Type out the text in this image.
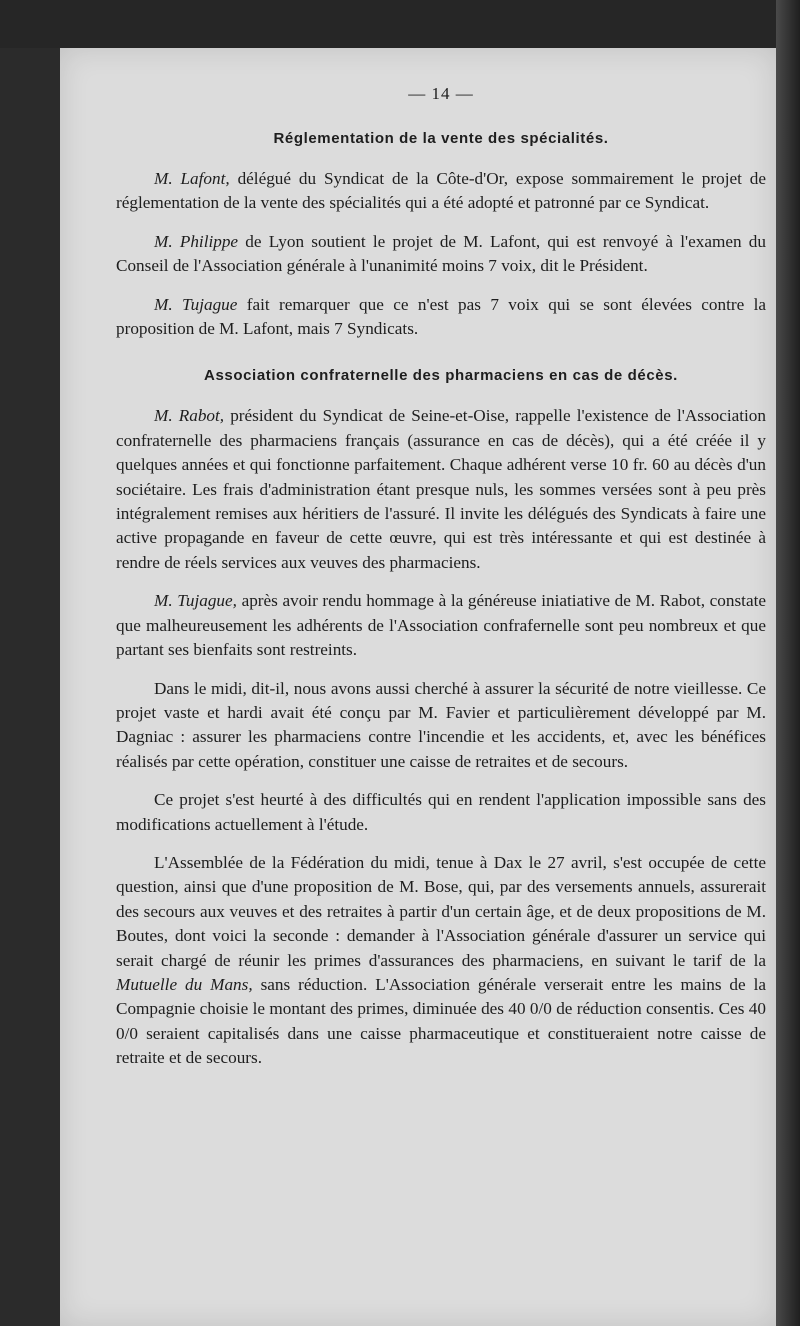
— 14 —
Réglementation de la vente des spécialités.

M. Lafont, délégué du Syndicat de la Côte-d'Or, expose sommairement le projet de réglementation de la vente des spécialités qui a été adopté et patronné par ce Syndicat.

M. Philippe de Lyon soutient le projet de M. Lafont, qui est renvoyé à l'examen du Conseil de l'Association générale à l'unanimité moins 7 voix, dit le Président.

M. Tujague fait remarquer que ce n'est pas 7 voix qui se sont élevées contre la proposition de M. Lafont, mais 7 Syndicats.

Association confraternelle des pharmaciens en cas de décès.

M. Rabot, président du Syndicat de Seine-et-Oise, rappelle l'existence de l'Association confraternelle des pharmaciens français (assurance en cas de décès), qui a été créée il y quelques années et qui fonctionne parfaitement. Chaque adhérent verse 10 fr. 60 au décès d'un sociétaire. Les frais d'administration étant presque nuls, les sommes versées sont à peu près intégralement remises aux héritiers de l'assuré. Il invite les délégués des Syndicats à faire une active propagande en faveur de cette œuvre, qui est très intéressante et qui est destinée à rendre de réels services aux veuves des pharmaciens.

M. Tujague, après avoir rendu hommage à la généreuse iniatiative de M. Rabot, constate que malheureusement les adhérents de l'Association confrafernelle sont peu nombreux et que partant ses bienfaits sont restreints.

Dans le midi, dit-il, nous avons aussi cherché à assurer la sécurité de notre vieillesse. Ce projet vaste et hardi avait été conçu par M. Favier et particulièrement développé par M. Dagniac : assurer les pharmaciens contre l'incendie et les accidents, et, avec les bénéfices réalisés par cette opération, constituer une caisse de retraites et de secours.

Ce projet s'est heurté à des difficultés qui en rendent l'application impossible sans des modifications actuellement à l'étude.

L'Assemblée de la Fédération du midi, tenue à Dax le 27 avril, s'est occupée de cette question, ainsi que d'une proposition de M. Bose, qui, par des versements annuels, assurerait des secours aux veuves et des retraites à partir d'un certain âge, et de deux propositions de M. Boutes, dont voici la seconde : demander à l'Association générale d'assurer un service qui serait chargé de réunir les primes d'assurances des pharmaciens, en suivant le tarif de la Mutuelle du Mans, sans réduction. L'Association générale verserait entre les mains de la Compagnie choisie le montant des primes, diminuée des 40 0/0 de réduction consentis. Ces 40 0/0 seraient capitalisés dans une caisse pharmaceutique et constitueraient notre caisse de retraite et de secours.
